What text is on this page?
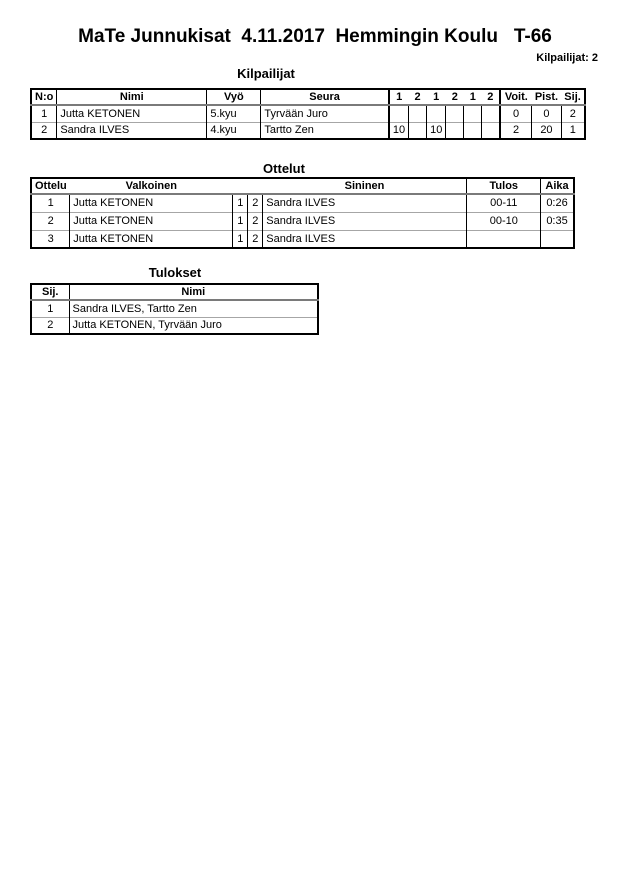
MaTe Junnukisat  4.11.2017  Hemmingin Koulu   T-66
Kilpailijat: 2
Kilpailijat
N:o	Nimi	Vyö	Seura	1	2	1	2	1	2	Voit.	Pist.	Sij.
1	Jutta KETONEN	5.kyu	Tyrvään Juro							0	0	2
2	Sandra ILVES	4.kyu	Tartto Zen	10		10				2	20	1
Ottelut
Ottelu	Valkoinen			Sininen	Tulos	Aika
1	Jutta KETONEN	1	2	Sandra ILVES	00-11	0:26
2	Jutta KETONEN	1	2	Sandra ILVES	00-10	0:35
3	Jutta KETONEN	1	2	Sandra ILVES		
Tulokset
Sij.	Nimi
1	Sandra ILVES, Tartto Zen
2	Jutta KETONEN, Tyrvään Juro
